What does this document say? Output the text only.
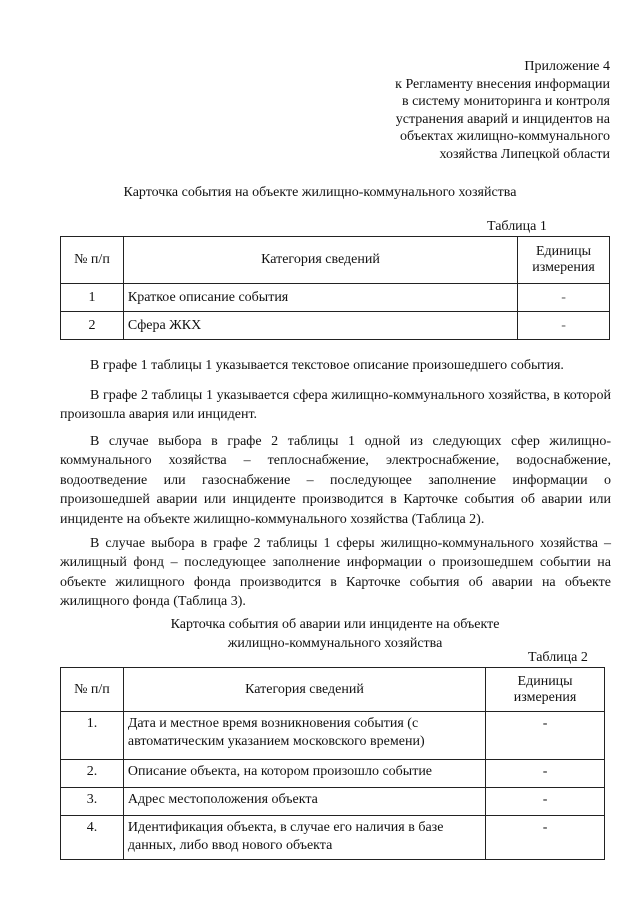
Приложение 4
к Регламенту внесения информации
в систему мониторинга и контроля
устранения аварий и инцидентов на
объектах жилищно-коммунального
хозяйства Липецкой области
Карточка события на объекте жилищно-коммунального хозяйства
Таблица 1
№ п/п	Категория сведений	Единицы измерения
1	Краткое описание события	-
2	Сфера ЖКХ	-

В графе 1 таблицы 1 указывается текстовое описание произошедшего события.

В графе 2 таблицы 1 указывается сфера жилищно-коммунального хозяйства, в которой произошла авария или инцидент.

В случае выбора в графе 2 таблицы 1 одной из следующих сфер жилищно-коммунального хозяйства – теплоснабжение, электроснабжение, водоснабжение, водоотведение или газоснабжение – последующее заполнение информации о произошедшей аварии или инциденте производится в Карточке события об аварии или инциденте на объекте жилищно-коммунального хозяйства (Таблица 2).

В случае выбора в графе 2 таблицы 1 сферы жилищно-коммунального хозяйства – жилищный фонд – последующее заполнение информации о произошедшем событии на объекте жилищного фонда производится в Карточке события об аварии на объекте жилищного фонда (Таблица 3).

Карточка события об аварии или инциденте на объекте
жилищно-коммунального хозяйства
Таблица 2
№ п/п	Категория сведений	Единицы измерения
1.	Дата и местное время возникновения события (с автоматическим указанием московского времени)	-
2.	Описание объекта, на котором произошло событие	-
3.	Адрес местоположения объекта	-
4.	Идентификация объекта, в случае его наличия в базе данных, либо ввод нового объекта	-
